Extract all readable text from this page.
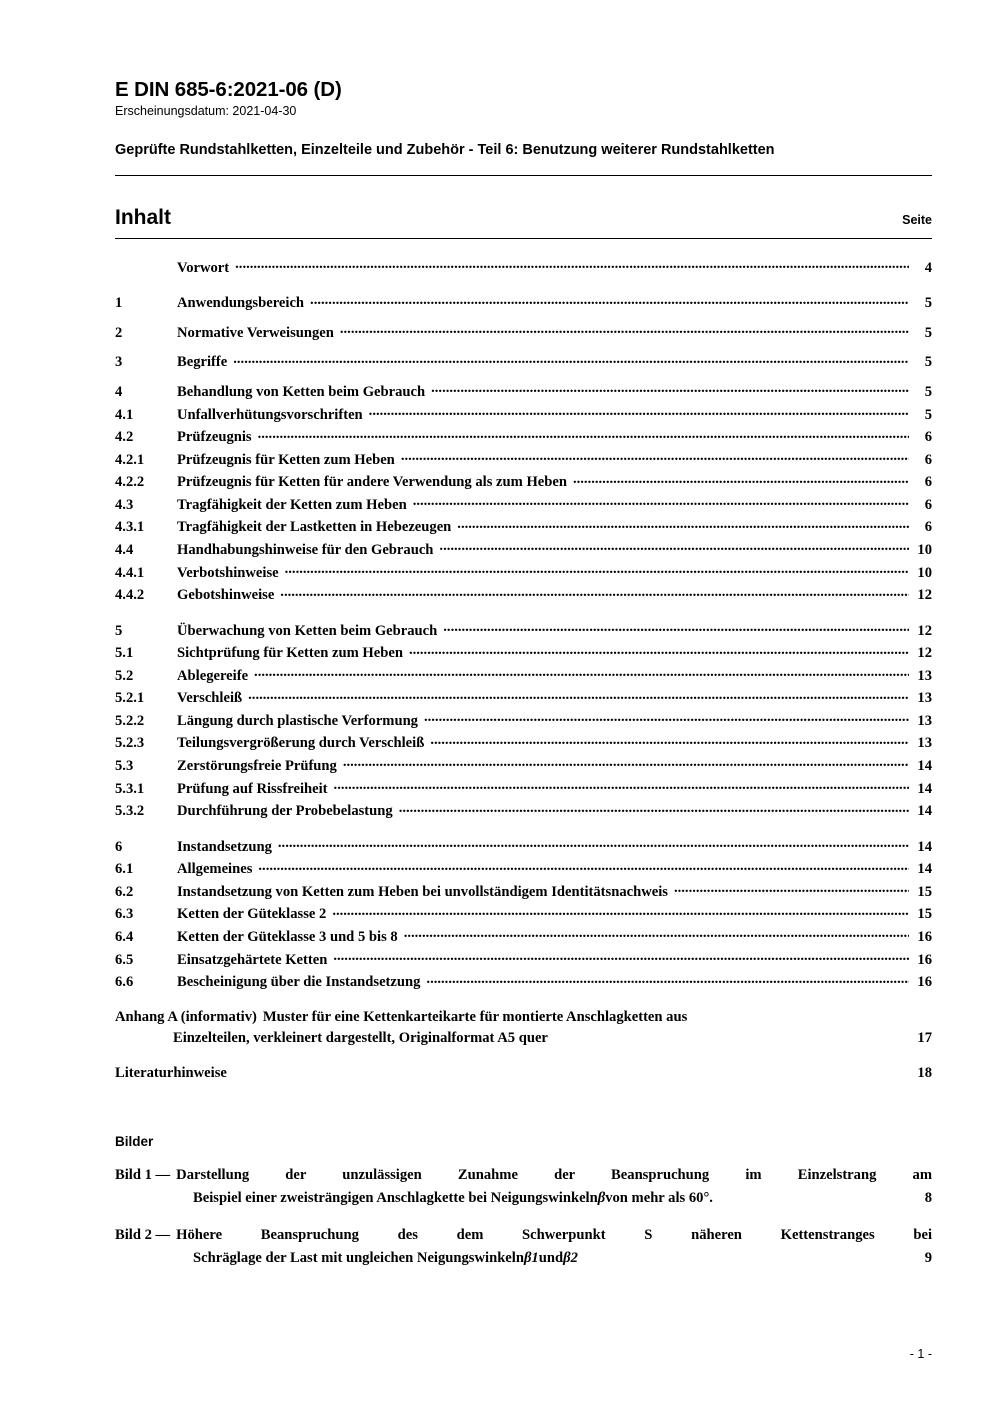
E DIN 685-6:2021-06 (D)
Erscheinungsdatum: 2021-04-30
Geprüfte Rundstahlketten, Einzelteile und Zubehör - Teil 6: Benutzung weiterer Rundstahlketten
Inhalt	Seite
Vorwort .....	4
1	Anwendungsbereich .....	5
2	Normative Verweisungen .....	5
3	Begriffe .....	5
4	Behandlung von Ketten beim Gebrauch .....	5
4.1	Unfallverhütungsvorschriften .....	5
4.2	Prüfzeugnis .....	6
4.2.1	Prüfzeugnis für Ketten zum Heben .....	6
4.2.2	Prüfzeugnis für Ketten für andere Verwendung als zum Heben .....	6
4.3	Tragfähigkeit der Ketten zum Heben .....	6
4.3.1	Tragfähigkeit der Lastketten in Hebezeugen .....	6
4.4	Handhabungshinweise für den Gebrauch .....	10
4.4.1	Verbotshinweise .....	10
4.4.2	Gebotshinweise .....	12
5	Überwachung von Ketten beim Gebrauch .....	12
5.1	Sichtprüfung für Ketten zum Heben .....	12
5.2	Ablegereife .....	13
5.2.1	Verschleiß .....	13
5.2.2	Längung durch plastische Verformung .....	13
5.2.3	Teilungsvergrößerung durch Verschleiß .....	13
5.3	Zerstörungsfreie Prüfung .....	14
5.3.1	Prüfung auf Rissfreiheit .....	14
5.3.2	Durchführung der Probebelastung .....	14
6	Instandsetzung .....	14
6.1	Allgemeines .....	14
6.2	Instandsetzung von Ketten zum Heben bei unvollständigem Identitätsnachweis .....	15
6.3	Ketten der Güteklasse 2 .....	15
6.4	Ketten der Güteklasse 3 und 5 bis 8 .....	16
6.5	Einsatzgehärtete Ketten .....	16
6.6	Bescheinigung über die Instandsetzung .....	16
Anhang A (informativ) Muster für eine Kettenkarteikarte für montierte Anschlagketten aus
Einzelteilen, verkleinert dargestellt, Originalformat A5 quer	17
Literaturhinweise	18
Bilder
Bild 1 — Darstellung der unzulässigen Zunahme der Beanspruchung im Einzelstrang am
Beispiel einer zweisträngigen Anschlagkette bei Neigungswinkeln β von mehr als 60°.	8
Bild 2 — Höhere Beanspruchung des dem Schwerpunkt S näheren Kettenstranges bei
Schräglage der Last mit ungleichen Neigungswinkeln β1 und β2	9
- 1 -
